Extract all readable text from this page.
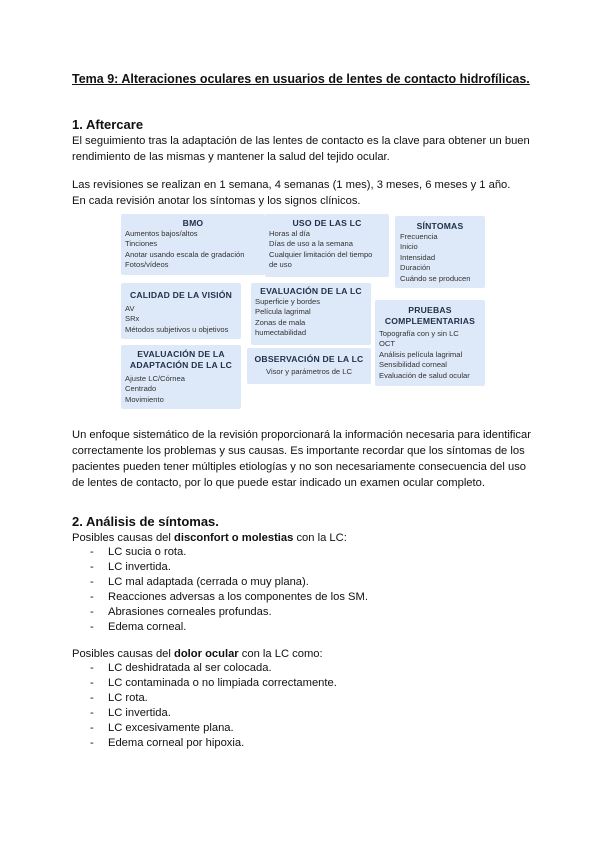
Tema 9: Alteraciones oculares en usuarios de lentes de contacto hidrofílicas.
1. Aftercare
El seguimiento tras la adaptación de las lentes de contacto es la clave para obtener un buen
rendimiento de las mismas y mantener la salud del tejido ocular.
Las revisiones se realizan en 1 semana, 4 semanas (1 mes), 3 meses, 6 meses y 1 año.
En cada revisión anotar los síntomas y los signos clínicos.
BMO
Aumentos bajos/altos
Tinciones
Anotar usando escala de gradación
Fotos/vídeos
USO DE LAS LC
Horas al día
Días de uso a la semana
Cualquier limitación del tiempo
de uso
SÍNTOMAS
Frecuencia
Inicio
Intensidad
Duración
Cuándo se producen
CALIDAD DE LA VISIÓN
AV
SRx
Métodos subjetivos u objetivos
EVALUACIÓN DE LA LC
Superficie y bordes
Película lagrimal
Zonas de mala
humectabilidad
PRUEBAS
COMPLEMENTARIAS
Topografía con y sin LC
OCT
Análisis película lagrimal
Sensibilidad corneal
Evaluación de salud ocular
EVALUACIÓN DE LA
ADAPTACIÓN DE LA LC
Ajuste LC/Córnea
Centrado
Movimiento
OBSERVACIÓN DE LA LC
Visor y parámetros de LC
Un enfoque sistemático de la revisión proporcionará la información necesaria para identificar
correctamente los problemas y sus causas. Es importante recordar que los síntomas de los
pacientes pueden tener múltiples etiologías y no son necesariamente consecuencia del uso
de lentes de contacto, por lo que puede estar indicado un examen ocular completo.
2. Análisis de síntomas.
Posibles causas del disconfort o molestias con la LC:
- LC sucia o rota.
- LC invertida.
- LC mal adaptada (cerrada o muy plana).
- Reacciones adversas a los componentes de los SM.
- Abrasiones corneales profundas.
- Edema corneal.
Posibles causas del dolor ocular con la LC como:
- LC deshidratada al ser colocada.
- LC contaminada o no limpiada correctamente.
- LC rota.
- LC invertida.
- LC excesivamente plana.
- Edema corneal por hipoxia.
